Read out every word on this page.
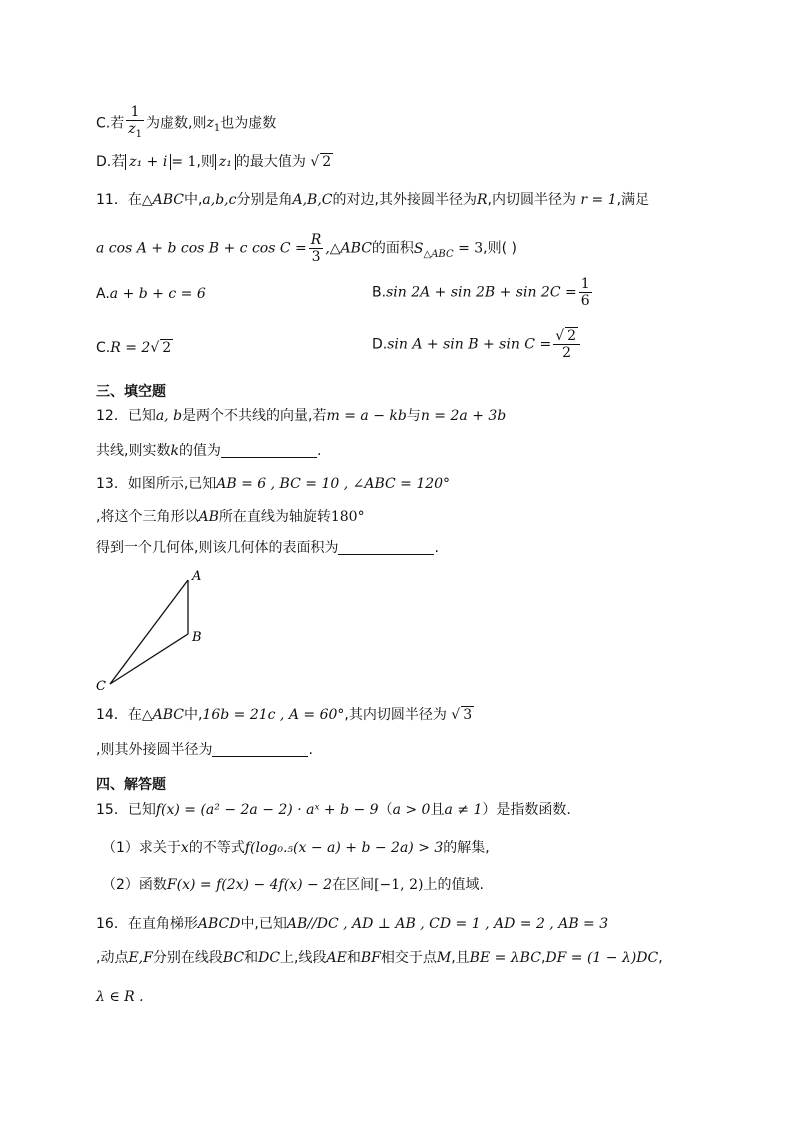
C.若 $\frac{1}{z_1}$ 为虚数,则$z_1$也为虚数
D.若 z₁ + i = 1,则 z₁ 的最大值为 √ 2
11．在△ABC中,a,b,c分别是角A,B,C的对边,其外接圆半径为R,内切圆半径为 r = 1,满足
a cos A + b cos B + c $\cos C = \frac{R}{3}$ ,△ABC的面积$S_{\triangle ABC} = 3$,则( )
A.a + b + c = 6	B.sin $2A + \sin 2B + \sin 2C = \frac{1}{6}$
C.R = 2√ 2	D.sin $A + \sin B + \sin C = \frac{√ 2}{2}$
三、填空题
12．已知a, b是两个不共线的向量,若m = a − kb与n = 2a + 3b
共线,则实数k的值为	.
13．如图所示,已知AB = 6 , BC = 10 , ∠ABC = 120°
,将这个三角形以AB所在直线为轴旋转180°
得到一个几何体,则该几何体的表面积为	.
A
B
C
14．在△ABC中,16b = 21c , A = 60°,其内切圆半径为 √ 3
,则其外接圆半径为	.
四、解答题
15．已知f(x) = (a² − 2a − 2) · aˣ + b − 9（a > 0且a ≠ 1）是指数函数.
（1）求关于x的不等式f(log₀.₅(x − a) + b − 2a) > 3的解集,
（2）函数F(x) = f(2x) − 4f(x) − 2在区间[−1, 2)上的值域.
16．在直角梯形ABCD中,已知AB//DC , AD ⊥ AB , CD = 1 , AD = 2 , AB = 3
,动点E,F分别在线段BC和DC上,线段AE和BF相交于点M,且BE = λBC,DF = (1 − λ)DC,
λ ∈ R .
